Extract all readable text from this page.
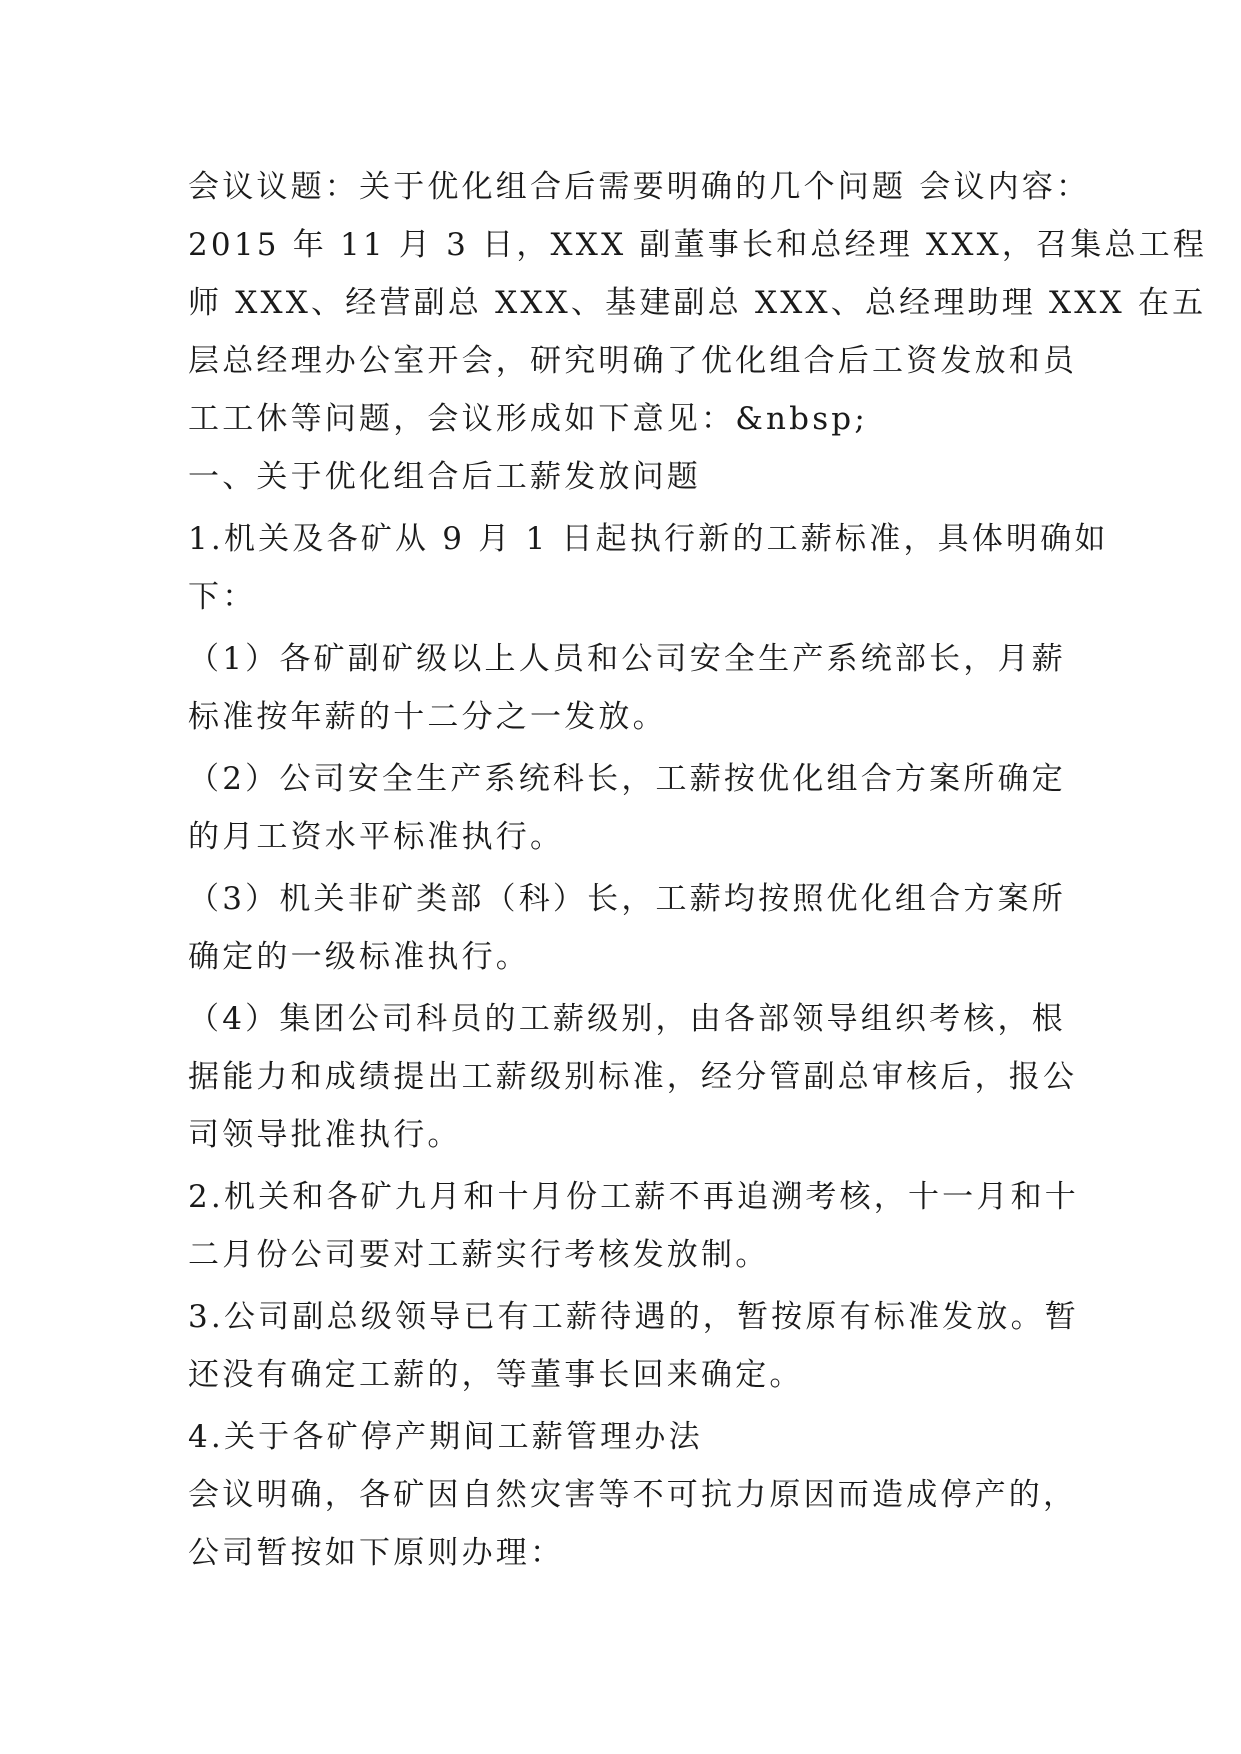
会议议题：关于优化组合后需要明确的几个问题 会议内容：
2015 年 11 月 3 日，XXX 副董事长和总经理 XXX，召集总工程
师 XXX、经营副总 XXX、基建副总 XXX、总经理助理 XXX 在五
层总经理办公室开会，研究明确了优化组合后工资发放和员
工工休等问题，会议形成如下意见：&nbsp;
一、关于优化组合后工薪发放问题
1.机关及各矿从 9 月 1 日起执行新的工薪标准，具体明确如
下：
（1）各矿副矿级以上人员和公司安全生产系统部长，月薪
标准按年薪的十二分之一发放。
（2）公司安全生产系统科长，工薪按优化组合方案所确定
的月工资水平标准执行。
（3）机关非矿类部（科）长，工薪均按照优化组合方案所
确定的一级标准执行。
（4）集团公司科员的工薪级别，由各部领导组织考核，根
据能力和成绩提出工薪级别标准，经分管副总审核后，报公
司领导批准执行。
2.机关和各矿九月和十月份工薪不再追溯考核，十一月和十
二月份公司要对工薪实行考核发放制。
3.公司副总级领导已有工薪待遇的，暂按原有标准发放。暂
还没有确定工薪的，等董事长回来确定。
4.关于各矿停产期间工薪管理办法
会议明确，各矿因自然灾害等不可抗力原因而造成停产的，
公司暂按如下原则办理：
